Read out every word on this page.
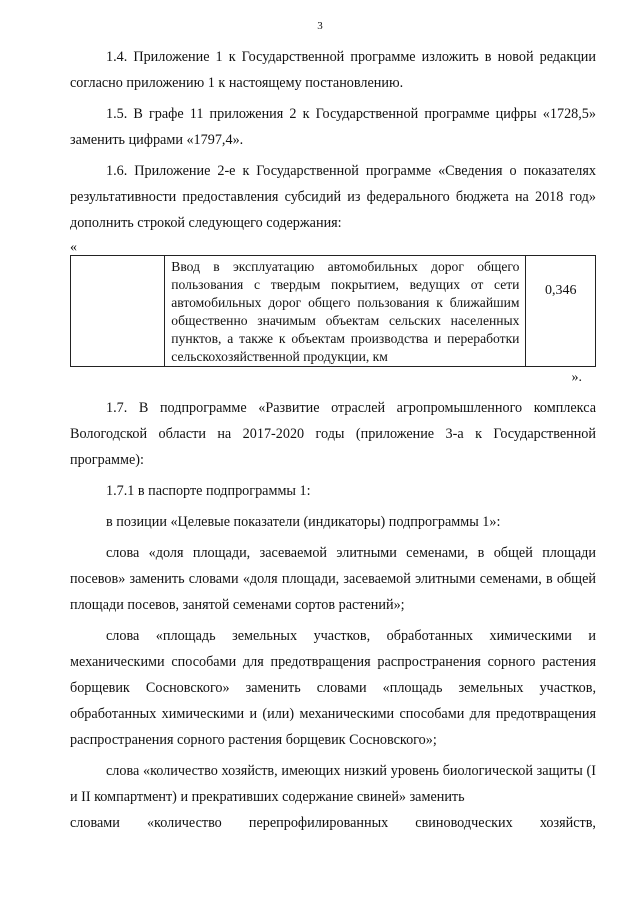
3

1.4. Приложение 1 к Государственной программе изложить в новой редакции согласно приложению 1 к настоящему постановлению.

1.5. В графе 11 приложения 2 к Государственной программе цифры «1728,5» заменить цифрами «1797,4».

1.6. Приложение 2-е к Государственной программе «Сведения о показателях результативности предоставления субсидий из федерального бюджета на 2018 год» дополнить строкой следующего содержания:

«

	Ввод в эксплуатацию автомобильных дорог общего пользования с твердым покрытием, ведущих от сети автомобильных дорог общего пользования к ближайшим общественно значимым объектам сельских населенных пунктов, а также к объектам производства и переработки сельскохозяйственной продукции, км	0,346

».

1.7. В подпрограмме «Развитие отраслей агропромышленного комплекса Вологодской области на 2017-2020 годы (приложение 3-а к Государственной программе):

1.7.1 в паспорте подпрограммы 1:

в позиции «Целевые показатели (индикаторы) подпрограммы 1»:

слова «доля площади, засеваемой элитными семенами, в общей площади посевов» заменить словами «доля площади, засеваемой элитными семенами, в общей площади посевов, занятой семенами сортов растений»;

слова «площадь земельных участков, обработанных химическими и механическими способами для предотвращения распространения сорного растения борщевик Сосновского» заменить словами «площадь земельных участков, обработанных химическими и (или) механическими способами для предотвращения распространения сорного растения борщевик Сосновского»;

слова «количество хозяйств, имеющих низкий уровень биологической защиты (I и II компартмент) и прекративших содержание свиней» заменить

словами «количество перепрофилированных свиноводческих хозяйств,
